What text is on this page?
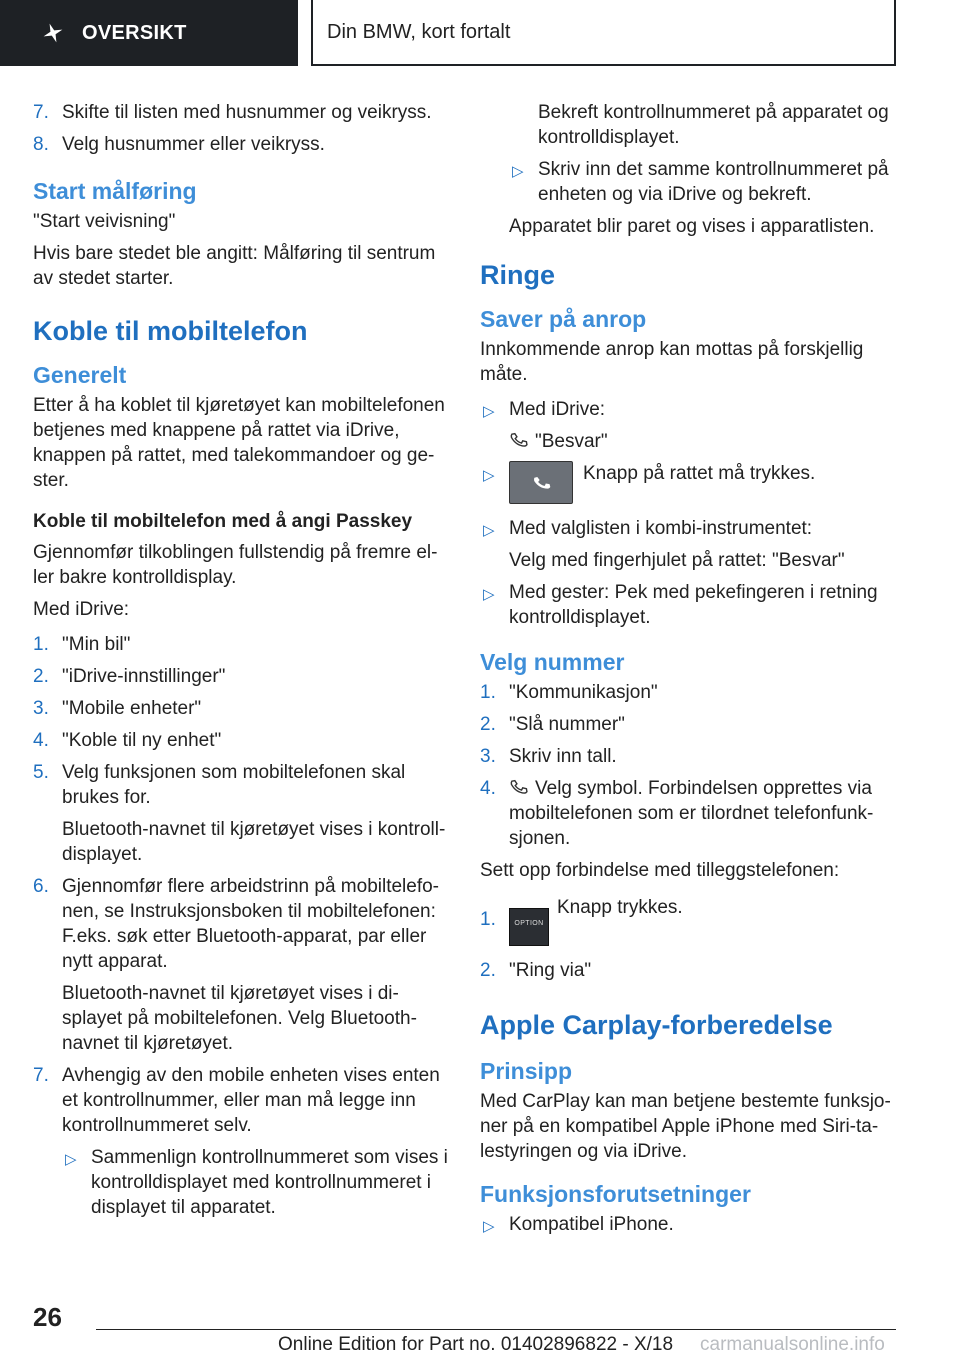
OVERSIKT	Din BMW, kort fortalt
7. Skifte til listen med husnummer og veikryss.
8. Velg husnummer eller veikryss.
Start målføring
"Start veivisning"
Hvis bare stedet ble angitt: Målføring til sentrum av stedet starter.
Koble til mobiltelefon
Generelt
Etter å ha koblet til kjøretøyet kan mobiltelefonen betjenes med knappene på rattet via iDrive, knappen på rattet, med talekommandoer og ge-ster.
Koble til mobiltelefon med å angi Passkey
Gjennomfør tilkoblingen fullstendig på fremre el-ler bakre kontrolldisplay.
Med iDrive:
1. "Min bil"
2. "iDrive-innstillinger"
3. "Mobile enheter"
4. "Koble til ny enhet"
5. Velg funksjonen som mobiltelefonen skal brukes for.
Bluetooth-navnet til kjøretøyet vises i kontroll-displayet.
6. Gjennomfør flere arbeidstrinn på mobiltelefo-nen, se Instruksjonsboken til mobiltelefonen: F.eks. søk etter Bluetooth-apparat, par eller nytt apparat.
Bluetooth-navnet til kjøretøyet vises i di-splayet på mobiltelefonen. Velg Bluetooth-navnet til kjøretøyet.
7. Avhengig av den mobile enheten vises enten et kontrollnummer, eller man må legge inn kontrollnummeret selv.
▷ Sammenlign kontrollnummeret som vises i kontrolldisplayet med kontrollnummeret i displayet til apparatet.
Bekreft kontrollnummeret på apparatet og kontrolldisplayet.
▷ Skriv inn det samme kontrollnummeret på enheten og via iDrive og bekreft.
Apparatet blir paret og vises i apparatlisten.
Ringe
Saver på anrop
Innkommende anrop kan mottas på forskjellig måte.
▷ Med iDrive:
"Besvar"
▷	Knapp på rattet må trykkes.
▷ Med valglisten i kombi-instrumentet:
Velg med fingerhjulet på rattet: "Besvar"
▷ Med gester: Pek med pekefingeren i retning kontrolldisplayet.
Velg nummer
1. "Kommunikasjon"
2. "Slå nummer"
3. Skriv inn tall.
4. Velg symbol. Forbindelsen opprettes via mobiltelefonen som er tilordnet telefonfunk-sjonen.
Sett opp forbindelse med tilleggstelefonen:
1.	OPTIONKnapp trykkes.
2. "Ring via"
Apple Carplay-forberedelse
Prinsipp
Med CarPlay kan man betjene bestemte funksjo-ner på en kompatibel Apple iPhone med Siri-ta-lestyringen og via iDrive.
Funksjonsforutsetninger
▷ Kompatibel iPhone.
26
Online Edition for Part no. 01402896822 - X/18 carmanualsonline.info
